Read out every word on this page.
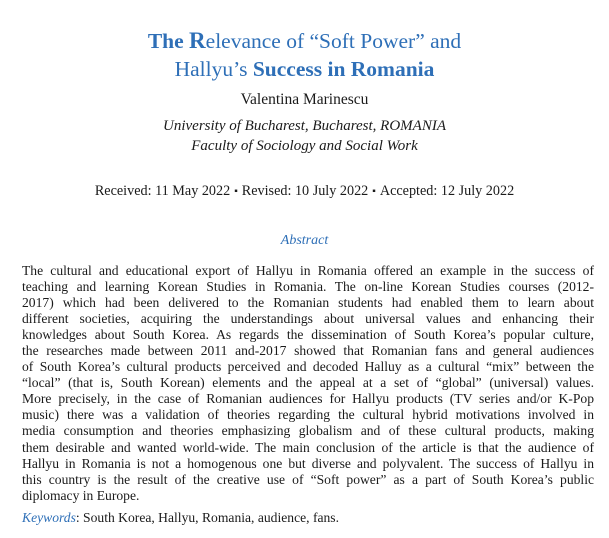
The Relevance of “Soft Power” and
Hallyu’s Success in Romania
Valentina Marinescu
University of Bucharest, Bucharest, ROMANIA
Faculty of Sociology and Social Work
Received: 11 May 2022 ▪ Revised: 10 July 2022 ▪ Accepted: 12 July 2022
Abstract
The cultural and educational export of Hallyu in Romania offered an example in the success of
teaching and learning Korean Studies in Romania. The on-line Korean Studies courses (2012-
2017) which had been delivered to the Romanian students had enabled them to learn about
different societies, acquiring the understandings about universal values and enhancing their
knowledges about South Korea. As regards the dissemination of South Korea’s popular culture,
the researches made between 2011 and-2017 showed that Romanian fans and general audiences
of South Korea’s cultural products perceived and decoded Halluy as a cultural “mix” between the
“local” (that is, South Korean) elements and the appeal at a set of “global” (universal) values.
More precisely, in the case of Romanian audiences for Hallyu products (TV series and/or K-Pop
music) there was a validation of theories regarding the cultural hybrid motivations involved in
media consumption and theories emphasizing globalism and of these cultural products, making
them desirable and wanted world-wide. The main conclusion of the article is that the audience of
Hallyu in Romania is not a homogenous one but diverse and polyvalent. The success of Hallyu in
this country is the result of the creative use of “Soft power” as a part of South Korea’s public
diplomacy in Europe.
Keywords: South Korea, Hallyu, Romania, audience, fans.
